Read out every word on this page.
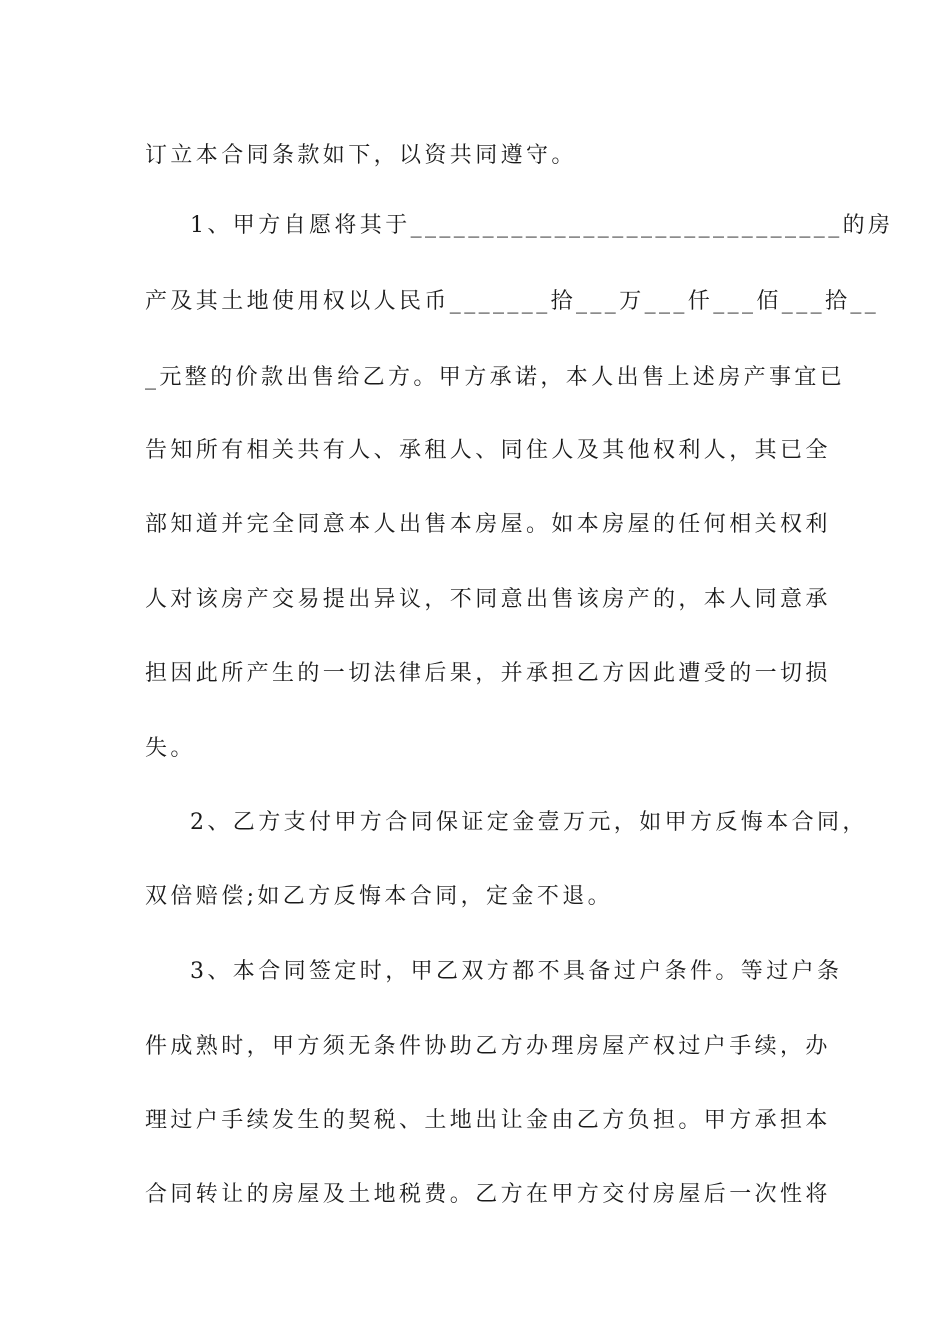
订立本合同条款如下，以资共同遵守。
1、甲方自愿将其于______________________________的房
产及其土地使用权以人民币_______拾___万___仟___佰___拾__
_元整的价款出售给乙方。甲方承诺，本人出售上述房产事宜已
告知所有相关共有人、承租人、同住人及其他权利人，其已全
部知道并完全同意本人出售本房屋。如本房屋的任何相关权利
人对该房产交易提出异议，不同意出售该房产的，本人同意承
担因此所产生的一切法律后果，并承担乙方因此遭受的一切损
失。
2、乙方支付甲方合同保证定金壹万元，如甲方反悔本合同，
双倍赔偿;如乙方反悔本合同，定金不退。
3、本合同签定时，甲乙双方都不具备过户条件。等过户条
件成熟时，甲方须无条件协助乙方办理房屋产权过户手续，办
理过户手续发生的契税、土地出让金由乙方负担。甲方承担本
合同转让的房屋及土地税费。乙方在甲方交付房屋后一次性将
